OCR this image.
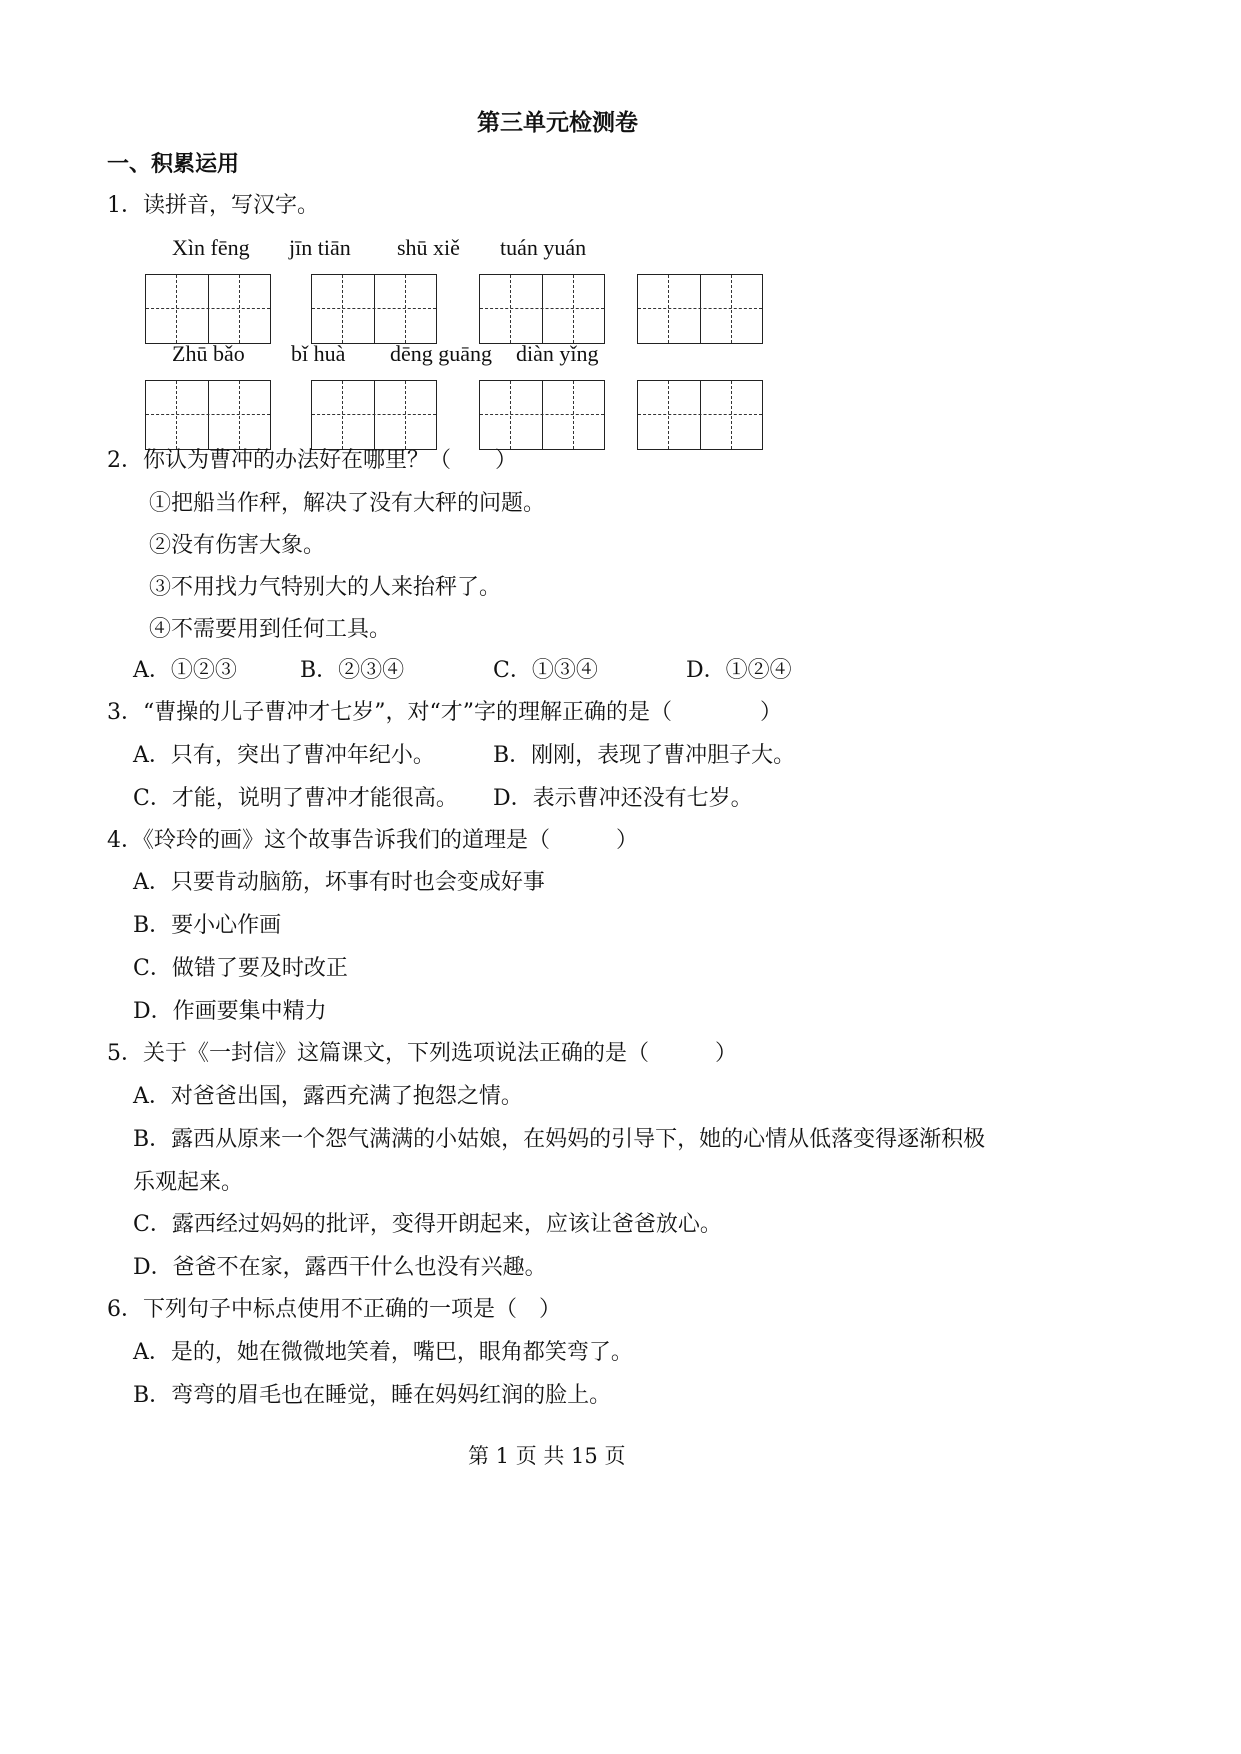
第三单元检测卷
一、积累运用
1．读拼音，写汉字。
Xìn fēng jīn tiān shū xiě tuán yuán
Zhū bǎo bǐ huà dēng guāng diàn yǐng
2．你认为曹冲的办法好在哪里？（　　）
①把船当作秤，解决了没有大秤的问题。
②没有伤害大象。
③不用找力气特别大的人来抬秤了。
④不需要用到任何工具。
A．①②③	B．②③④	C．①③④	D．①②④
3．“曹操的儿子曹冲才七岁”，对“才”字的理解正确的是（　　　　）
A．只有，突出了曹冲年纪小。	B．刚刚，表现了曹冲胆子大。
C．才能，说明了曹冲才能很高。 D．表示曹冲还没有七岁。
4．《玲玲的画》这个故事告诉我们的道理是（　　　）
A．只要肯动脑筋，坏事有时也会变成好事
B．要小心作画
C．做错了要及时改正
D．作画要集中精力
5．关于《一封信》这篇课文，下列选项说法正确的是（　　　）
A．对爸爸出国，露西充满了抱怨之情。
B．露西从原来一个怨气满满的小姑娘，在妈妈的引导下，她的心情从低落变得逐渐积极
乐观起来。
C．露西经过妈妈的批评，变得开朗起来，应该让爸爸放心。
D．爸爸不在家，露西干什么也没有兴趣。
6．下列句子中标点使用不正确的一项是（　）
A．是的，她在微微地笑着，嘴巴，眼角都笑弯了。
B．弯弯的眉毛也在睡觉，睡在妈妈红润的脸上。
第 1 页 共 15 页
